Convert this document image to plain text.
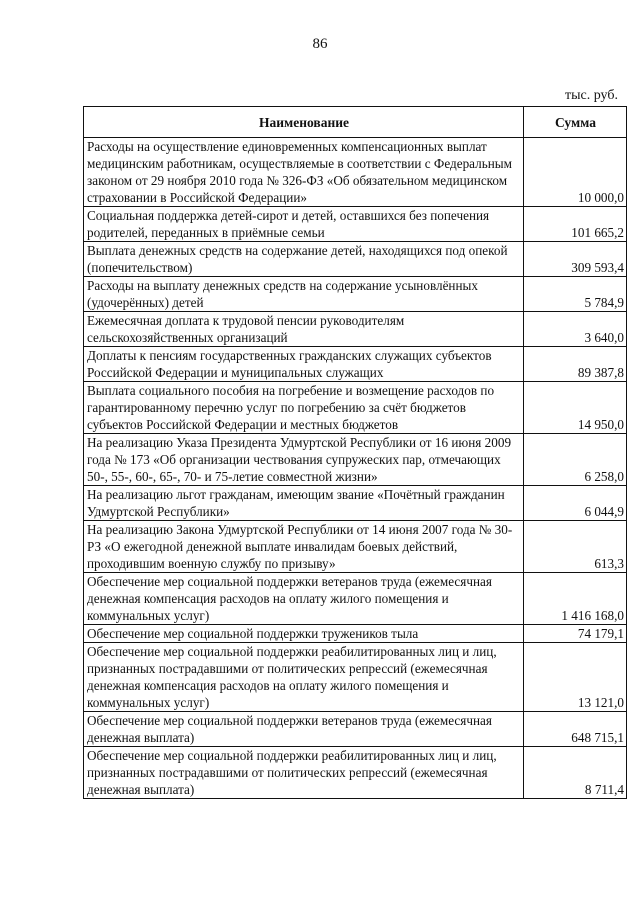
86
тыс. руб.
Наименование	Сумма
Расходы на осуществление единовременных компенсационных выплат медицинским работникам, осуществляемые в соответствии с Федеральным законом от 29 ноября 2010 года № 326-ФЗ «Об обязательном медицинском страховании в Российской Федерации»	10 000,0
Социальная поддержка детей-сирот и детей, оставшихся без попечения родителей, переданных в приёмные семьи	101 665,2
Выплата денежных средств на содержание детей, находящихся под опекой (попечительством)	309 593,4
Расходы на выплату денежных средств на содержание усыновлённых (удочерённых) детей	5 784,9
Ежемесячная доплата к трудовой пенсии руководителям сельскохозяйственных организаций	3 640,0
Доплаты к пенсиям государственных гражданских служащих субъектов Российской Федерации и муниципальных служащих	89 387,8
Выплата социального пособия на погребение и возмещение расходов по гарантированному перечню услуг по погребению за счёт бюджетов субъектов Российской Федерации и местных бюджетов	14 950,0
На реализацию Указа Президента Удмуртской Республики от 16 июня 2009 года № 173 «Об организации чествования супружеских пар, отмечающих 50-, 55-, 60-, 65-, 70- и 75-летие совместной жизни»	6 258,0
На реализацию льгот гражданам, имеющим звание «Почётный гражданин Удмуртской Республики»	6 044,9
На реализацию Закона Удмуртской Республики от 14 июня 2007 года № 30-РЗ «О ежегодной денежной выплате инвалидам боевых действий, проходившим военную службу по призыву»	613,3
Обеспечение мер социальной поддержки ветеранов труда (ежемесячная денежная компенсация расходов на оплату жилого помещения и коммунальных услуг)	1 416 168,0
Обеспечение мер социальной поддержки тружеников тыла	74 179,1
Обеспечение мер социальной поддержки реабилитированных лиц и лиц, признанных пострадавшими от политических репрессий (ежемесячная денежная компенсация расходов на оплату жилого помещения и коммунальных услуг)	13 121,0
Обеспечение мер социальной поддержки ветеранов труда (ежемесячная денежная выплата)	648 715,1
Обеспечение мер социальной поддержки реабилитированных лиц и лиц, признанных пострадавшими от политических репрессий (ежемесячная денежная выплата)	8 711,4
